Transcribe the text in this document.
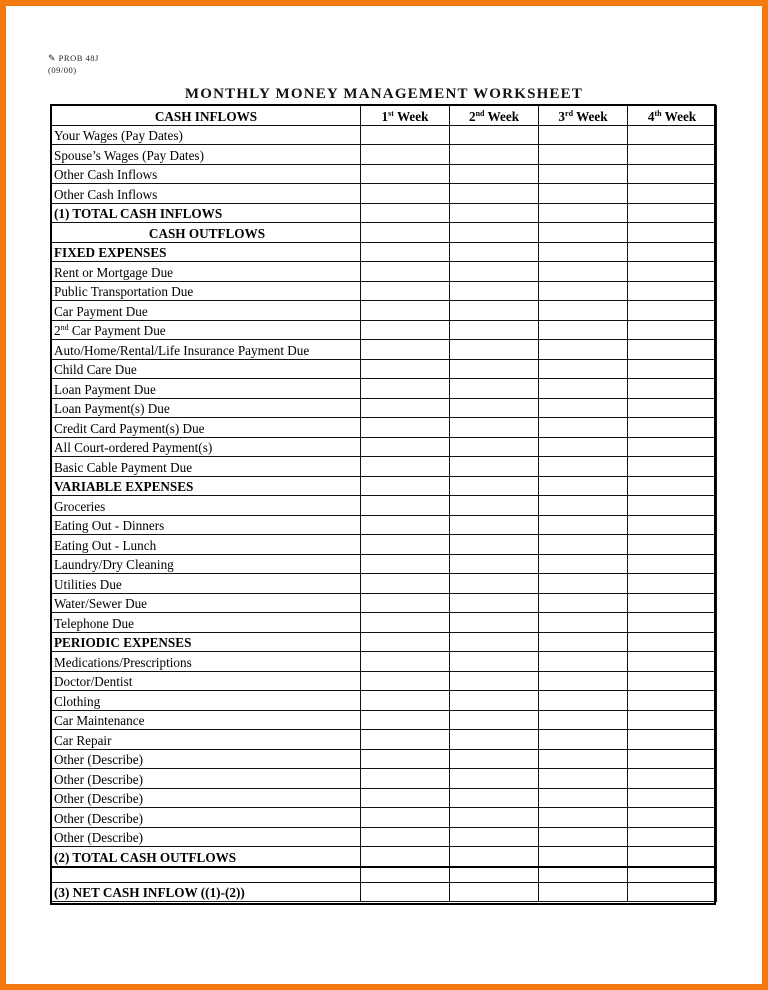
✎ PROB 48J
(09/00)
MONTHLY MONEY MANAGEMENT WORKSHEET
CASH INFLOWS	1st Week	2nd Week	3rd Week	4th Week
Your Wages (Pay Dates)				
Spouse’s Wages (Pay Dates)				
Other Cash Inflows				
Other Cash Inflows				
(1) TOTAL CASH INFLOWS				
CASH OUTFLOWS				
FIXED EXPENSES				
Rent or Mortgage Due				
Public Transportation Due				
Car Payment Due				
2nd Car Payment Due				
Auto/Home/Rental/Life Insurance Payment Due				
Child Care Due				
Loan Payment Due				
Loan Payment(s) Due				
Credit Card Payment(s) Due				
All Court-ordered Payment(s)				
Basic Cable Payment Due				
VARIABLE EXPENSES				
Groceries				
Eating Out - Dinners				
Eating Out - Lunch				
Laundry/Dry Cleaning				
Utilities Due				
Water/Sewer Due				
Telephone Due				
PERIODIC EXPENSES				
Medications/Prescriptions				
Doctor/Dentist				
Clothing				
Car Maintenance				
Car Repair				
Other (Describe)				
Other (Describe)				
Other (Describe)				
Other (Describe)				
Other (Describe)				
(2) TOTAL CASH OUTFLOWS				

(3) NET CASH INFLOW ((1)-(2))				
